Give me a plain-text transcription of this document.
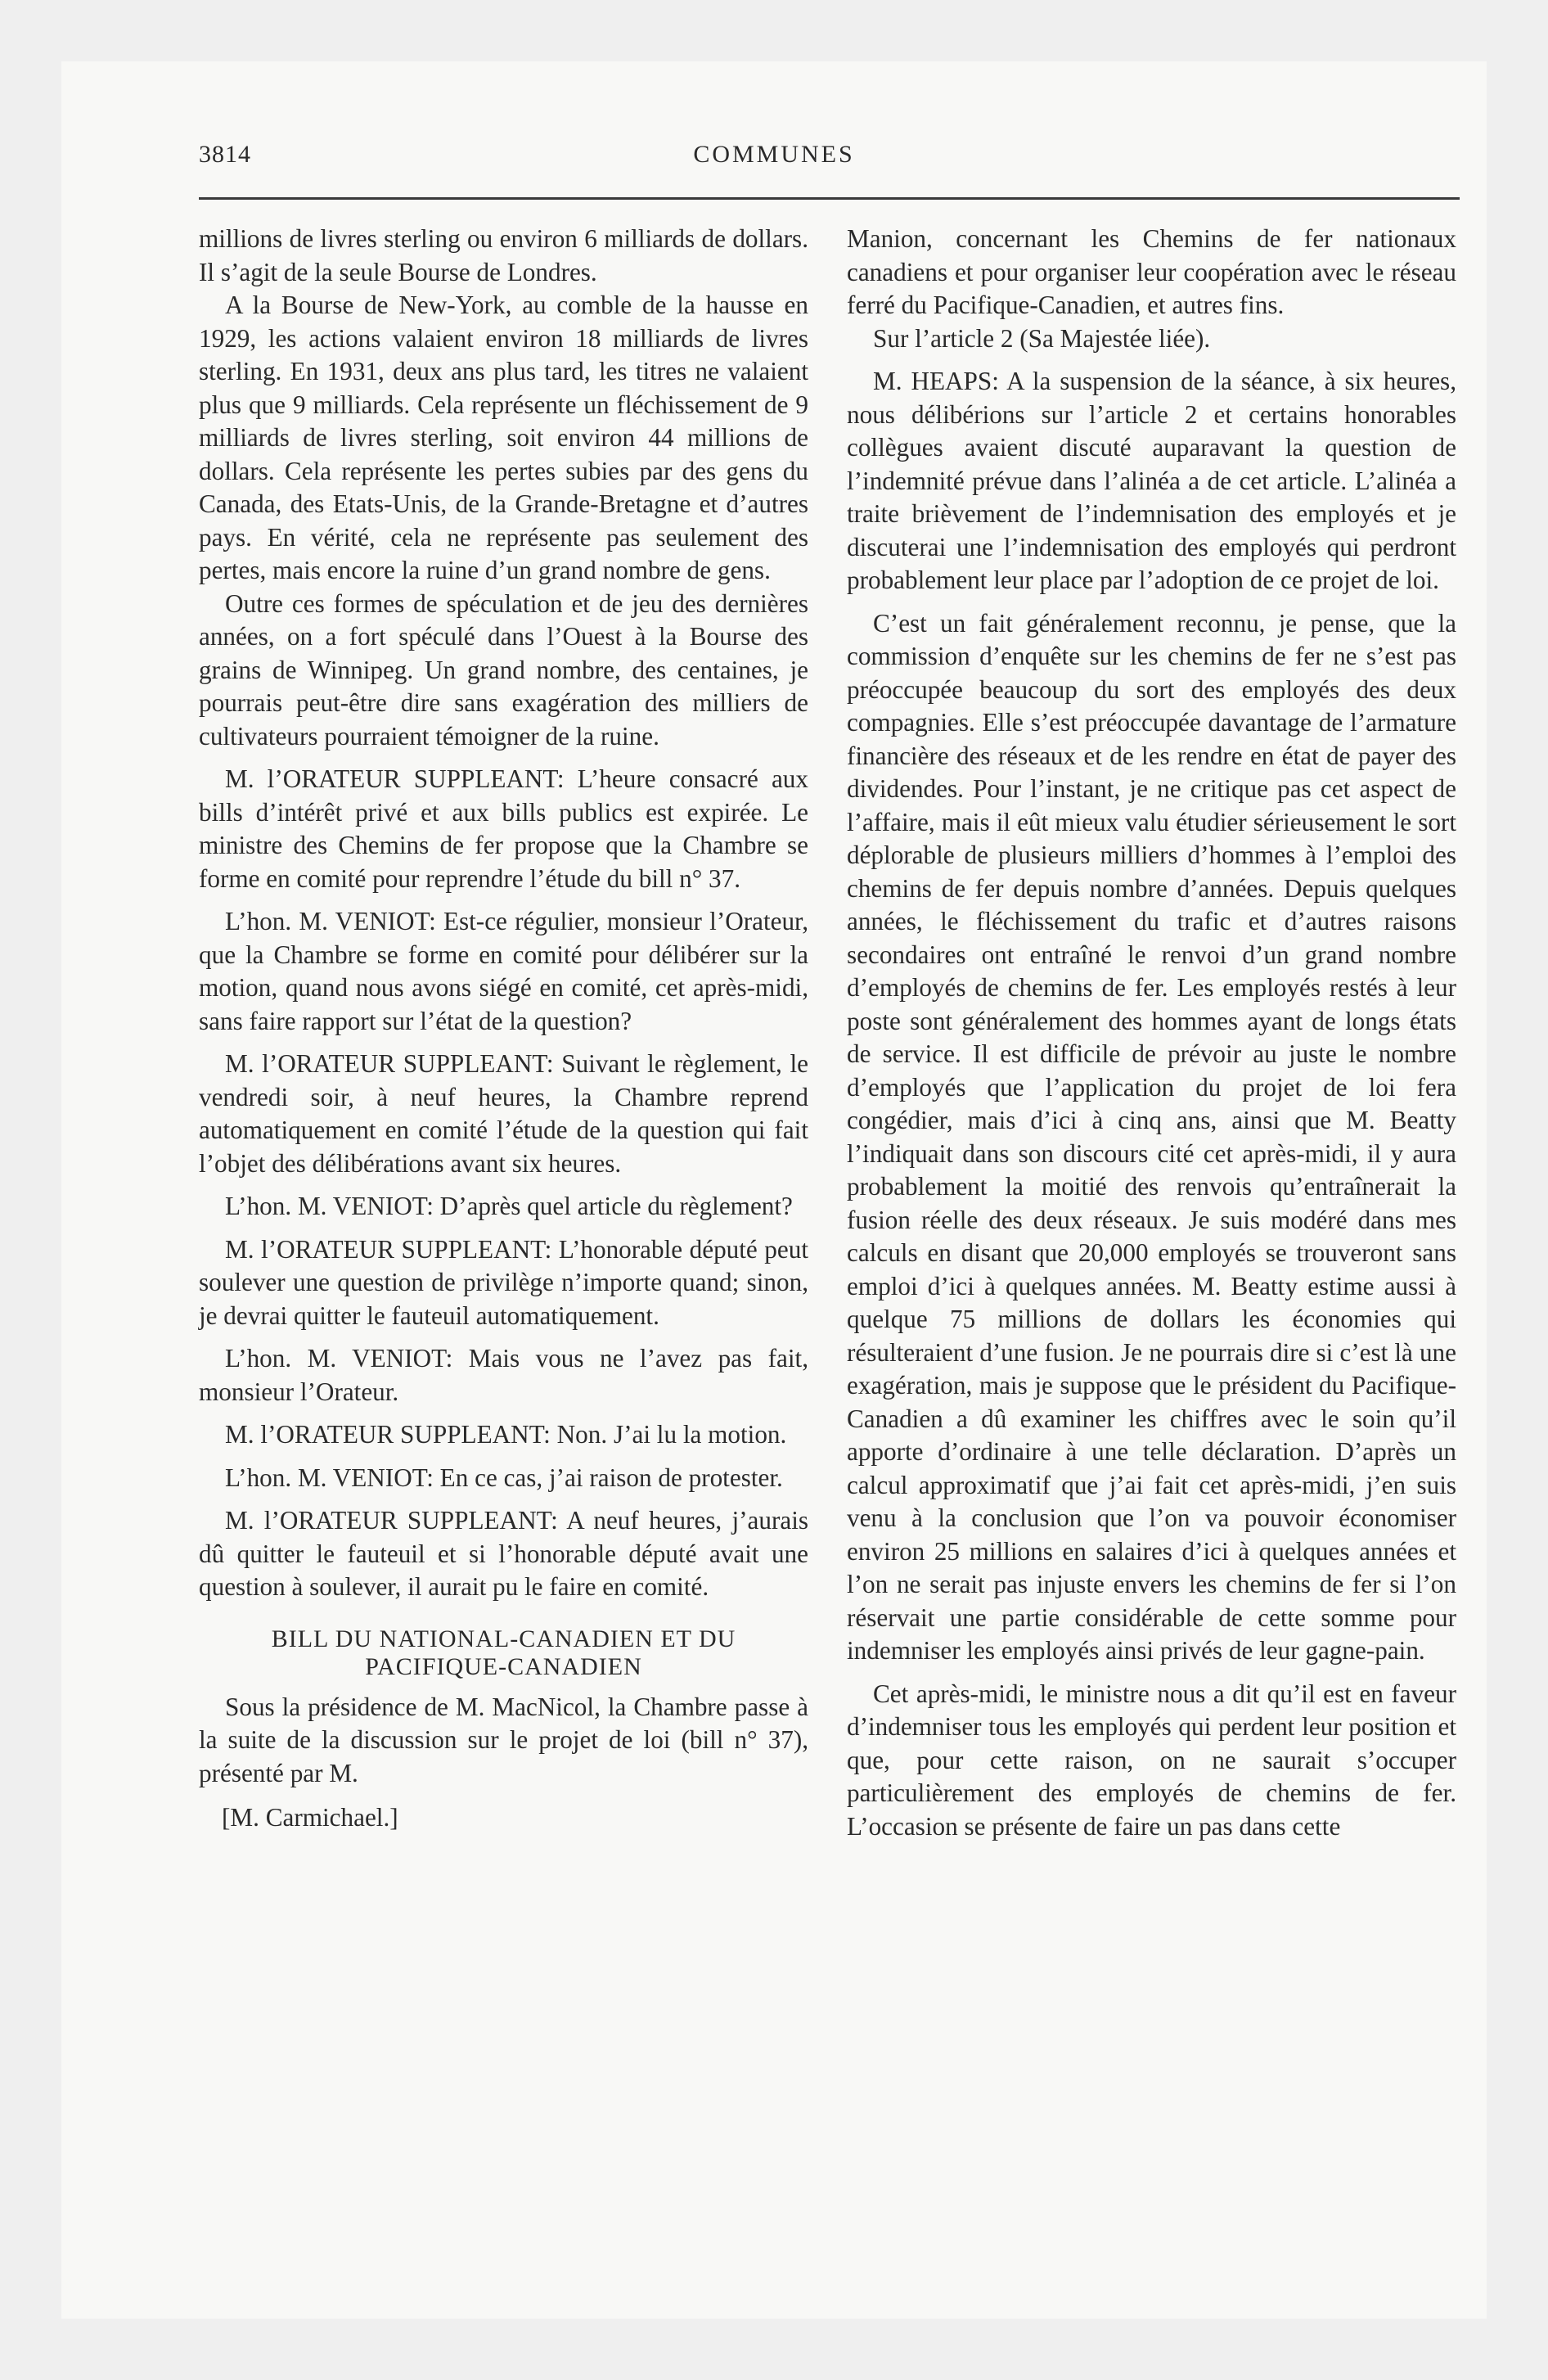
3814	COMMUNES

millions de livres sterling ou environ 6 milliards de dollars. Il s’agit de la seule Bourse de Londres.

A la Bourse de New-York, au comble de la hausse en 1929, les actions valaient environ 18 milliards de livres sterling. En 1931, deux ans plus tard, les titres ne valaient plus que 9 milliards. Cela représente un fléchissement de 9 milliards de livres sterling, soit environ 44 millions de dollars. Cela représente les pertes subies par des gens du Canada, des Etats-Unis, de la Grande-Bretagne et d’autres pays. En vérité, cela ne représente pas seulement des pertes, mais encore la ruine d’un grand nombre de gens.

Outre ces formes de spéculation et de jeu des dernières années, on a fort spéculé dans l’Ouest à la Bourse des grains de Winnipeg. Un grand nombre, des centaines, je pourrais peut-être dire sans exagération des milliers de cultivateurs pourraient témoigner de la ruine.

M. l’ORATEUR SUPPLEANT: L’heure consacré aux bills d’intérêt privé et aux bills publics est expirée. Le ministre des Chemins de fer propose que la Chambre se forme en comité pour reprendre l’étude du bill n° 37.

L’hon. M. VENIOT: Est-ce régulier, monsieur l’Orateur, que la Chambre se forme en comité pour délibérer sur la motion, quand nous avons siégé en comité, cet après-midi, sans faire rapport sur l’état de la question?

M. l’ORATEUR SUPPLEANT: Suivant le règlement, le vendredi soir, à neuf heures, la Chambre reprend automatiquement en comité l’étude de la question qui fait l’objet des délibérations avant six heures.

L’hon. M. VENIOT: D’après quel article du règlement?

M. l’ORATEUR SUPPLEANT: L’honorable député peut soulever une question de privilège n’importe quand; sinon, je devrai quitter le fauteuil automatiquement.

L’hon. M. VENIOT: Mais vous ne l’avez pas fait, monsieur l’Orateur.

M. l’ORATEUR SUPPLEANT: Non. J’ai lu la motion.

L’hon. M. VENIOT: En ce cas, j’ai raison de protester.

M. l’ORATEUR SUPPLEANT: A neuf heures, j’aurais dû quitter le fauteuil et si l’honorable député avait une question à soulever, il aurait pu le faire en comité.

BILL DU NATIONAL-CANADIEN ET DU PACIFIQUE-CANADIEN

Sous la présidence de M. MacNicol, la Chambre passe à la suite de la discussion sur le projet de loi (bill n° 37), présenté par M.

[M. Carmichael.]

Manion, concernant les Chemins de fer nationaux canadiens et pour organiser leur coopération avec le réseau ferré du Pacifique-Canadien, et autres fins.

Sur l’article 2 (Sa Majestée liée).

M. HEAPS: A la suspension de la séance, à six heures, nous délibérions sur l’article 2 et certains honorables collègues avaient discuté auparavant la question de l’indemnité prévue dans l’alinéa a de cet article. L’alinéa a traite brièvement de l’indemnisation des employés et je discuterai une l’indemnisation des employés qui perdront probablement leur place par l’adoption de ce projet de loi.

C’est un fait généralement reconnu, je pense, que la commission d’enquête sur les chemins de fer ne s’est pas préoccupée beaucoup du sort des employés des deux compagnies. Elle s’est préoccupée davantage de l’armature financière des réseaux et de les rendre en état de payer des dividendes. Pour l’instant, je ne critique pas cet aspect de l’affaire, mais il eût mieux valu étudier sérieusement le sort déplorable de plusieurs milliers d’hommes à l’emploi des chemins de fer depuis nombre d’années. Depuis quelques années, le fléchissement du trafic et d’autres raisons secondaires ont entraîné le renvoi d’un grand nombre d’employés de chemins de fer. Les employés restés à leur poste sont généralement des hommes ayant de longs états de service. Il est difficile de prévoir au juste le nombre d’employés que l’application du projet de loi fera congédier, mais d’ici à cinq ans, ainsi que M. Beatty l’indiquait dans son discours cité cet après-midi, il y aura probablement la moitié des renvois qu’entraînerait la fusion réelle des deux réseaux. Je suis modéré dans mes calculs en disant que 20,000 employés se trouveront sans emploi d’ici à quelques années. M. Beatty estime aussi à quelque 75 millions de dollars les économies qui résulteraient d’une fusion. Je ne pourrais dire si c’est là une exagération, mais je suppose que le président du Pacifique-Canadien a dû examiner les chiffres avec le soin qu’il apporte d’ordinaire à une telle déclaration. D’après un calcul approximatif que j’ai fait cet après-midi, j’en suis venu à la conclusion que l’on va pouvoir économiser environ 25 millions en salaires d’ici à quelques années et l’on ne serait pas injuste envers les chemins de fer si l’on réservait une partie considérable de cette somme pour indemniser les employés ainsi privés de leur gagne-pain.

Cet après-midi, le ministre nous a dit qu’il est en faveur d’indemniser tous les employés qui perdent leur position et que, pour cette raison, on ne saurait s’occuper particulièrement des employés de chemins de fer. L’occasion se présente de faire un pas dans cette
